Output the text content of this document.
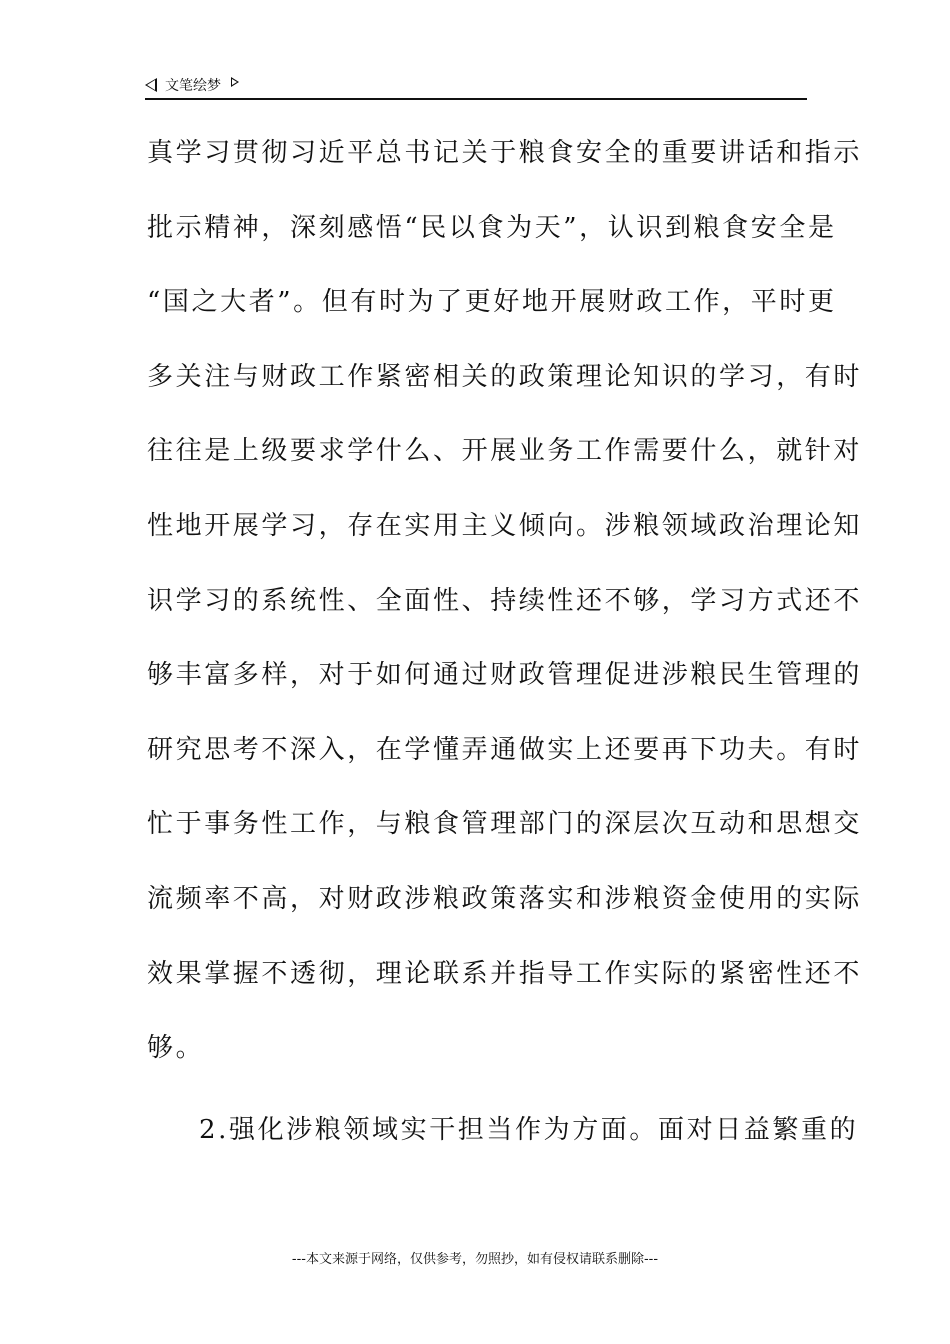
文笔绘梦
真学习贯彻习近平总书记关于粮食安全的重要讲话和指示
批示精神，深刻感悟“民以食为天”，认识到粮食安全是
“国之大者”。但有时为了更好地开展财政工作，平时更
多关注与财政工作紧密相关的政策理论知识的学习，有时
往往是上级要求学什么、开展业务工作需要什么，就针对
性地开展学习，存在实用主义倾向。涉粮领域政治理论知
识学习的系统性、全面性、持续性还不够，学习方式还不
够丰富多样，对于如何通过财政管理促进涉粮民生管理的
研究思考不深入，在学懂弄通做实上还要再下功夫。有时
忙于事务性工作，与粮食管理部门的深层次互动和思想交
流频率不高，对财政涉粮政策落实和涉粮资金使用的实际
效果掌握不透彻，理论联系并指导工作实际的紧密性还不
够。
2.强化涉粮领域实干担当作为方面。面对日益繁重的
---本文来源于网络，仅供参考，勿照抄，如有侵权请联系删除---
